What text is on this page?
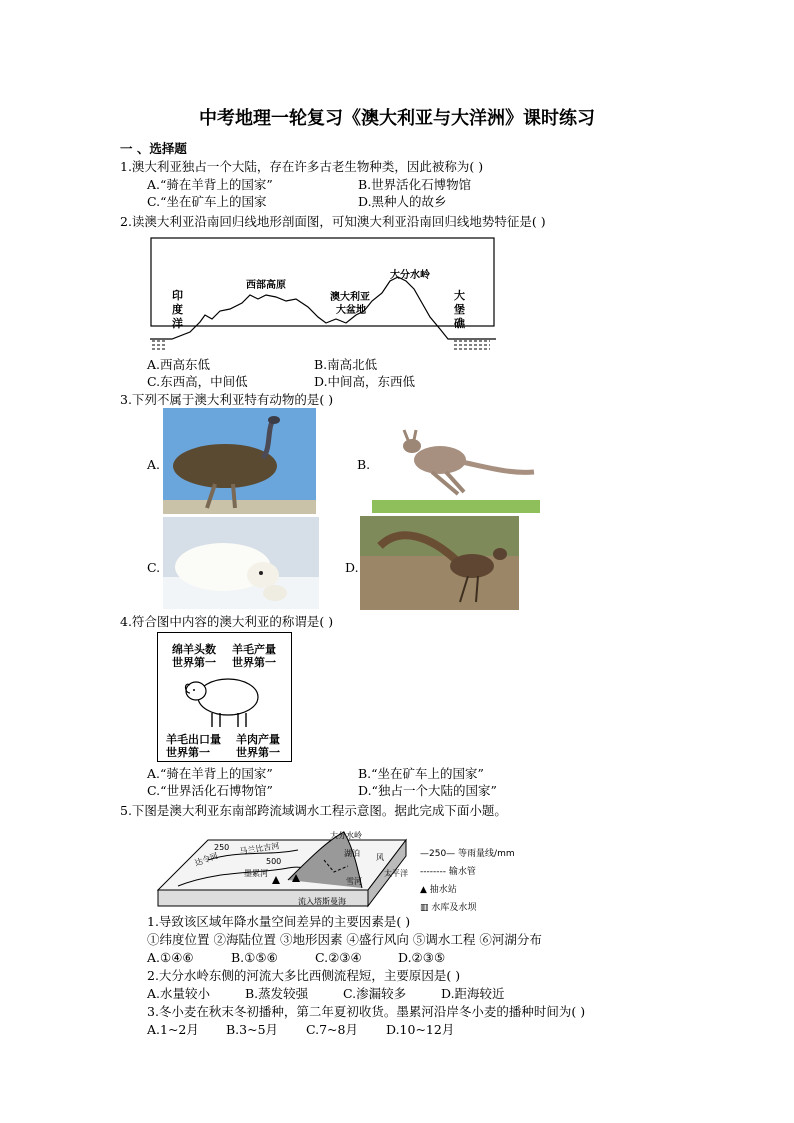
中考地理一轮复习《澳大利亚与大洋洲》课时练习
一 、选择题
1.澳大利亚独占一个大陆，存在许多古老生物种类，因此被称为( )
A.“骑在羊背上的国家”	B.世界活化石博物馆
C.“坐在矿车上的国家	D.黑种人的故乡
2.读澳大利亚沿南回归线地形剖面图，可知澳大利亚沿南回归线地势特征是( )
印
度
洋
西部高原
澳大利亚
大盆地
大分水岭
大
堡
礁
A.西高东低	B.南高北低
C.东西高，中间低	D.中间高，东西低
3.下列不属于澳大利亚特有动物的是( )
A.	B.
C.	D.
4.符合图中内容的澳大利亚的称谓是( )
绵羊头数
世界第一
羊毛产量
世界第一
羊毛出口量
世界第一
羊肉产量
世界第一
A.“骑在羊背上的国家”	B.“坐在矿车上的国家”
C.“世界活化石博物馆”	D.“独占一个大陆的国家”
5.下图是澳大利亚东南部跨流域调水工程示意图。据此完成下面小题。
达令河
马兰比吉河
250
500
墨累河
大分水岭
风
太平洋
雪河
湖泊
流入塔斯曼海
—250— 等雨量线/mm
-------- 输水管
▲ 抽水站
▥ 水库及水坝
1.导致该区域年降水量空间差异的主要因素是( )
①纬度位置 ②海陆位置 ③地形因素 ④盛行风向 ⑤调水工程 ⑥河湖分布
A.①④⑥	B.①⑤⑥	C.②③④	D.②③⑤
2.大分水岭东侧的河流大多比西侧流程短，主要原因是( )
A.水量较小	B.蒸发较强	C.渗漏较多	D.距海较近
3.冬小麦在秋末冬初播种，第二年夏初收货。墨累河沿岸冬小麦的播种时间为( )
A.1~2月 B.3~5月 C.7~8月 D.10~12月
